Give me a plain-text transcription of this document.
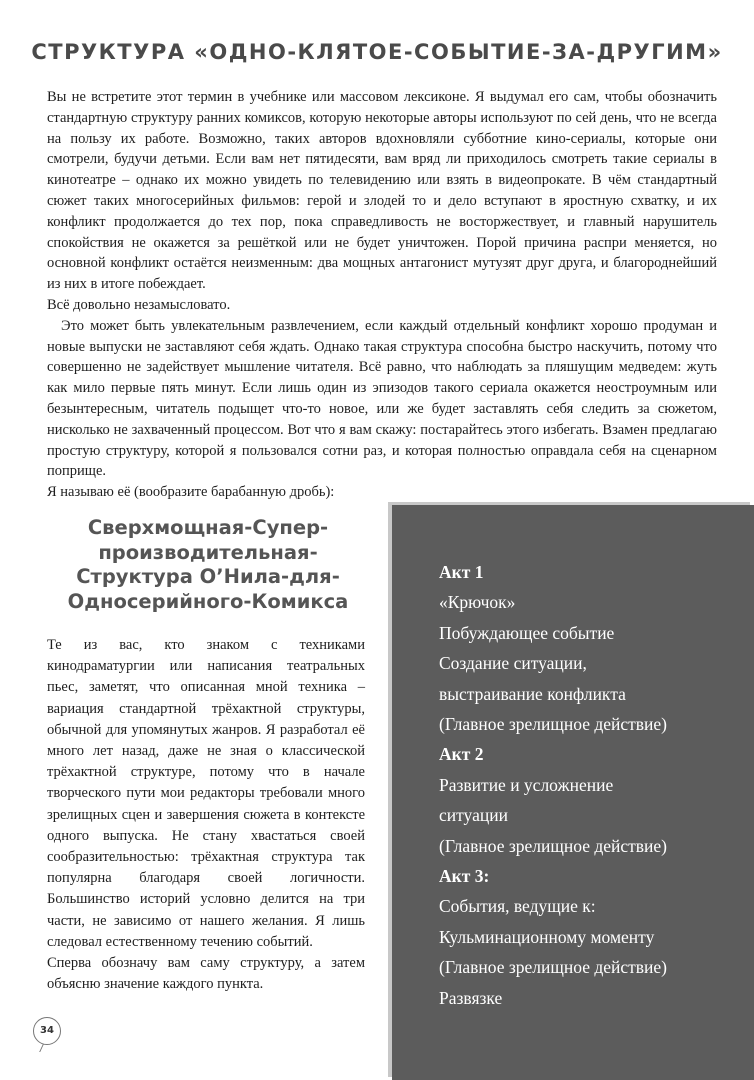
СТРУКТУРА «ОДНО-КЛЯТОЕ-СОБЫТИЕ-ЗА-ДРУГИМ»

Вы не встретите этот термин в учебнике или массовом лексиконе. Я выдумал его сам, чтобы обозначить стандартную структуру ранних комиксов, которую некоторые авторы используют по сей день, что не всегда на пользу их работе. Возможно, таких авторов вдохновляли субботние кино-сериалы, которые они смотрели, будучи детьми. Если вам нет пятидесяти, вам вряд ли приходилось смотреть такие сериалы в кинотеатре – однако их можно увидеть по телевидению или взять в видеопрокате. В чём стандартный сюжет таких многосерийных фильмов: герой и злодей то и дело вступают в яростную схватку, и их конфликт продолжается до тех пор, пока справедливость не восторжествует, и главный нарушитель спокойствия не окажется за решёткой или не будет уничтожен. Порой причина распри меняется, но основной конфликт остаётся неизменным: два мощных антагонист мутузят друг друга, и благороднейший из них в итоге побеждает.

Всё довольно незамысловато.

Это может быть увлекательным развлечением, если каждый отдельный конфликт хорошо продуман и новые выпуски не заставляют себя ждать. Однако такая структура способна быстро наскучить, потому что совершенно не задействует мышление читателя. Всё равно, что наблюдать за пляшущим медведем: жуть как мило первые пять минут. Если лишь один из эпизодов такого сериала окажется неостроумным или безынтересным, читатель подыщет что-то новое, или же будет заставлять себя следить за сюжетом, нисколько не захваченный процессом. Вот что я вам скажу: постарайтесь этого избегать. Взамен предлагаю простую структуру, которой я пользовался сотни раз, и которая полностью оправдала себя на сценарном поприще.

Я называю её (вообразите барабанную дробь):

Сверхмощная-Супер-
производительная-
Структура О’Нила-для-
Односерийного-Комикса

Те из вас, кто знаком с техниками кинодраматургии или написания театральных пьес, заметят, что описанная мной техника – вариация стандартной трёхактной структуры, обычной для упомянутых жанров. Я разработал её много лет назад, даже не зная о классической трёхактной структуре, потому что в начале творческого пути мои редакторы требовали много зрелищных сцен и завершения сюжета в контексте одного выпуска. Не стану хвастаться своей сообразительностью: трёхактная структура так популярна благодаря своей логичности. Большинство историй условно делится на три части, не зависимо от нашего желания. Я лишь следовал естественному течению событий.

Сперва обозначу вам саму структуру, а затем объясню значение каждого пункта.

Акт 1
«Крючок»
Побуждающее событие
Создание ситуации,
выстраивание конфликта
(Главное зрелищное действие)
Акт 2
Развитие и усложнение
ситуации
(Главное зрелищное действие)
Акт 3:
События, ведущие к:
Кульминационному моменту
(Главное зрелищное действие)
Развязке
34
